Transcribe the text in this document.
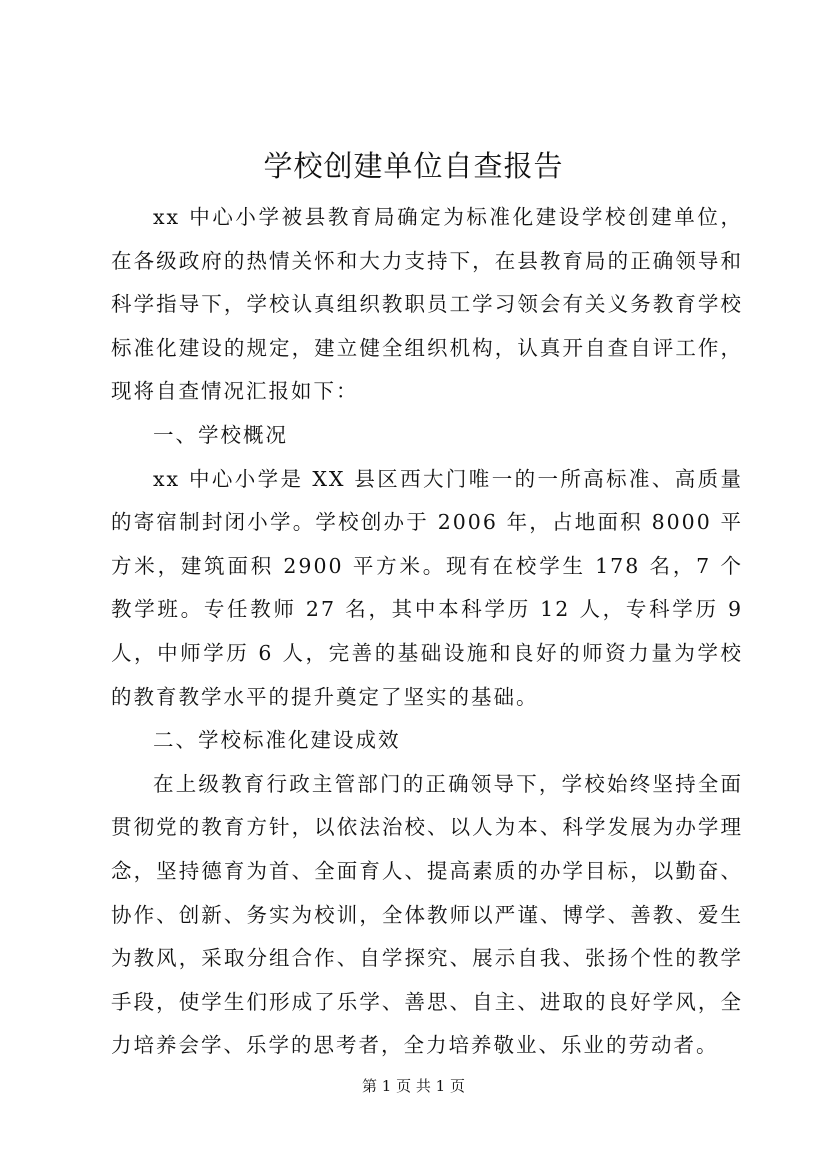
学校创建单位自查报告

xx 中心小学被县教育局确定为标准化建设学校创建单位，在各级政府的热情关怀和大力支持下，在县教育局的正确领导和科学指导下，学校认真组织教职员工学习领会有关义务教育学校标准化建设的规定，建立健全组织机构，认真开自查自评工作，现将自查情况汇报如下：

一、学校概况

xx 中心小学是 XX 县区西大门唯一的一所高标准、高质量的寄宿制封闭小学。学校创办于 2006 年，占地面积 8000 平方米，建筑面积 2900 平方米。现有在校学生 178 名，7 个教学班。专任教师 27 名，其中本科学历 12 人，专科学历 9 人，中师学历 6 人，完善的基础设施和良好的师资力量为学校的教育教学水平的提升奠定了坚实的基础。

二、学校标准化建设成效

在上级教育行政主管部门的正确领导下，学校始终坚持全面贯彻党的教育方针，以依法治校、以人为本、科学发展为办学理念，坚持德育为首、全面育人、提高素质的办学目标，以勤奋、协作、创新、务实为校训，全体教师以严谨、博学、善教、爱生为教风，采取分组合作、自学探究、展示自我、张扬个性的教学手段，使学生们形成了乐学、善思、自主、进取的良好学风，全力培养会学、乐学的思考者，全力培养敬业、乐业的劳动者。

第 1 页 共 1 页
